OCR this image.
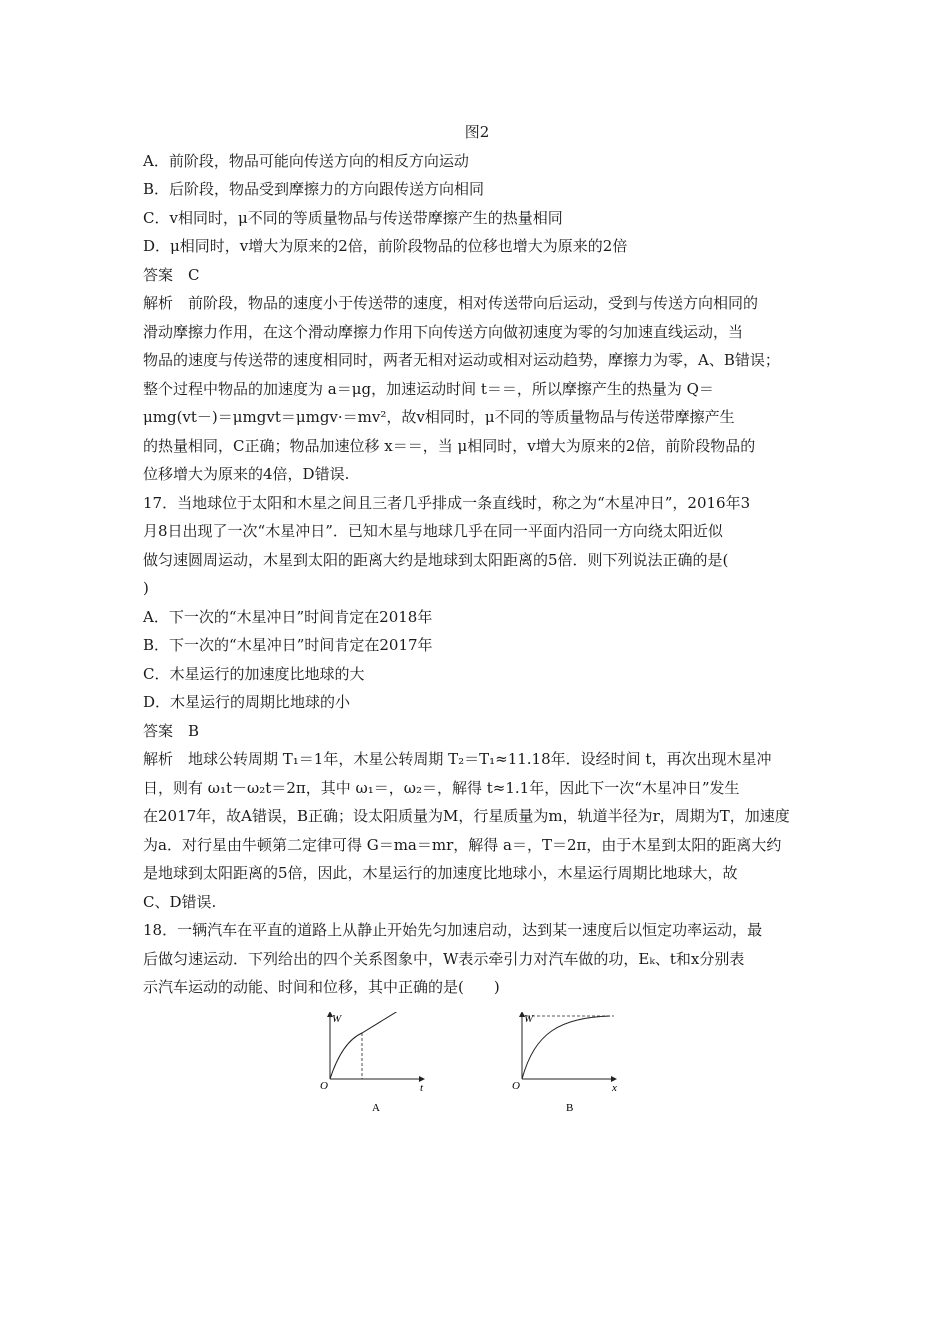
图2
A．前阶段，物品可能向传送方向的相反方向运动
B．后阶段，物品受到摩擦力的方向跟传送方向相同
C．v相同时，μ不同的等质量物品与传送带摩擦产生的热量相同
D．μ相同时，v增大为原来的2倍，前阶段物品的位移也增大为原来的2倍
答案　C
解析　前阶段，物品的速度小于传送带的速度，相对传送带向后运动，受到与传送方向相同的
滑动摩擦力作用，在这个滑动摩擦力作用下向传送方向做初速度为零的匀加速直线运动，当
物品的速度与传送带的速度相同时，两者无相对运动或相对运动趋势，摩擦力为零，A、B错误；
整个过程中物品的加速度为 a＝μg，加速运动时间 t＝＝，所以摩擦产生的热量为 Q＝
μmg(vt－)＝μmgvt＝μmgv·＝mv²，故v相同时，μ不同的等质量物品与传送带摩擦产生
的热量相同，C正确；物品加速位移 x＝＝，当 μ相同时，v增大为原来的2倍，前阶段物品的
位移增大为原来的4倍，D错误.
17．当地球位于太阳和木星之间且三者几乎排成一条直线时，称之为“木星冲日”，2016年3
月8日出现了一次“木星冲日”．已知木星与地球几乎在同一平面内沿同一方向绕太阳近似
做匀速圆周运动，木星到太阳的距离大约是地球到太阳距离的5倍．则下列说法正确的是(
)
A．下一次的“木星冲日”时间肯定在2018年
B．下一次的“木星冲日”时间肯定在2017年
C．木星运行的加速度比地球的大
D．木星运行的周期比地球的小
答案　B
解析　地球公转周期 T₁＝1年，木星公转周期 T₂＝T₁≈11.18年．设经时间 t，再次出现木星冲
日，则有 ω₁t－ω₂t＝2π，其中 ω₁＝，ω₂＝，解得 t≈1.1年，因此下一次“木星冲日”发生
在2017年，故A错误，B正确；设太阳质量为M，行星质量为m，轨道半径为r，周期为T，加速度
为a．对行星由牛顿第二定律可得 G＝ma＝mr，解得 a＝，T＝2π，由于木星到太阳的距离大约
是地球到太阳距离的5倍，因此，木星运行的加速度比地球小，木星运行周期比地球大，故
C、D错误.
18．一辆汽车在平直的道路上从静止开始先匀加速启动，达到某一速度后以恒定功率运动，最
后做匀速运动．下列给出的四个关系图象中，W表示牵引力对汽车做的功，Eₖ、t和x分别表
示汽车运动的动能、时间和位移，其中正确的是(　　)
W
O	t
A
W
O	x
B
